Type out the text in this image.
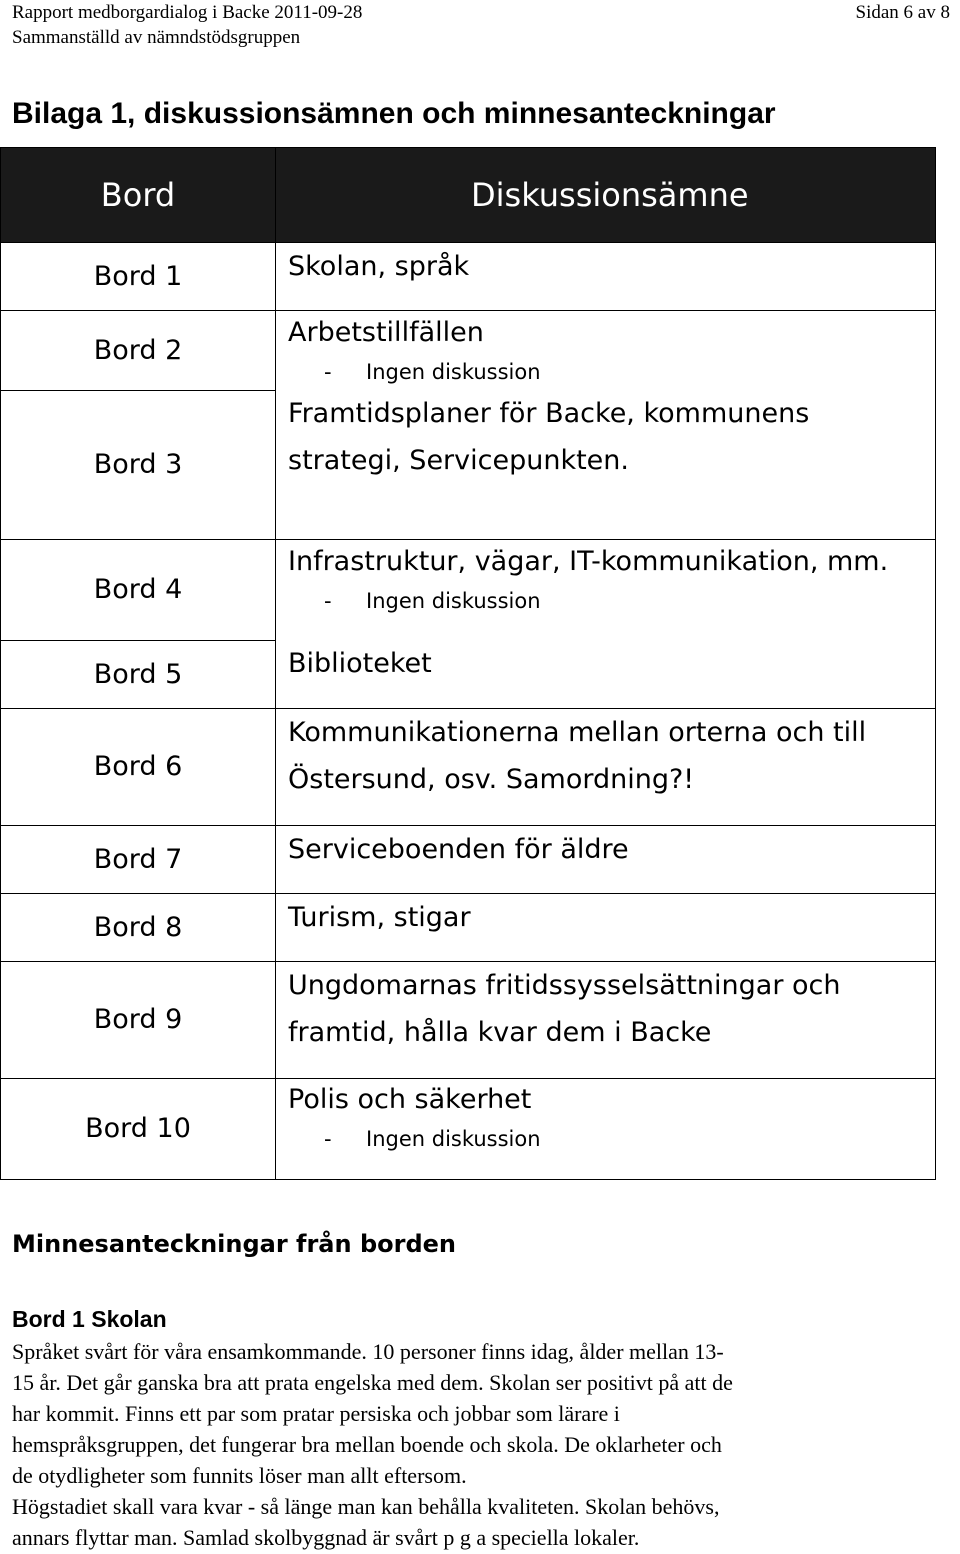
Rapport medborgardialog i Backe 2011-09-28
Sammanställd av nämndstödsgruppen
Sidan 6 av 8
Bilaga 1, diskussionsämnen och minnesanteckningar
Bord	Diskussionsämne
Bord 1	Skolan, språk

Bord 2	Arbetstillfällen
- Ingen diskussion

Bord 3	Framtidsplaner för Backe, kommunens
strategi, Servicepunkten.

Bord 4	Infrastruktur, vägar, IT-kommunikation, mm.
- Ingen diskussion

Bord 5	Biblioteket

Bord 6	Kommunikationerna mellan orterna och till
Östersund, osv. Samordning?!

Bord 7	Serviceboenden för äldre

Bord 8	Turism, stigar

Bord 9	Ungdomarnas fritidssysselsättningar och
framtid, hålla kvar dem i Backe

Bord 10	Polis och säkerhet
- Ingen diskussion
Minnesanteckningar från borden
Bord 1 Skolan

Språket svårt för våra ensamkommande. 10 personer finns idag, ålder mellan 13-

15 år. Det går ganska bra att prata engelska med dem. Skolan ser positivt på att de

har kommit. Finns ett par som pratar persiska och jobbar som lärare i

hemspråksgruppen, det fungerar bra mellan boende och skola. De oklarheter och

de otydligheter som funnits löser man allt eftersom.

Högstadiet skall vara kvar - så länge man kan behålla kvaliteten. Skolan behövs,

annars flyttar man. Samlad skolbyggnad är svårt p g a speciella lokaler.
